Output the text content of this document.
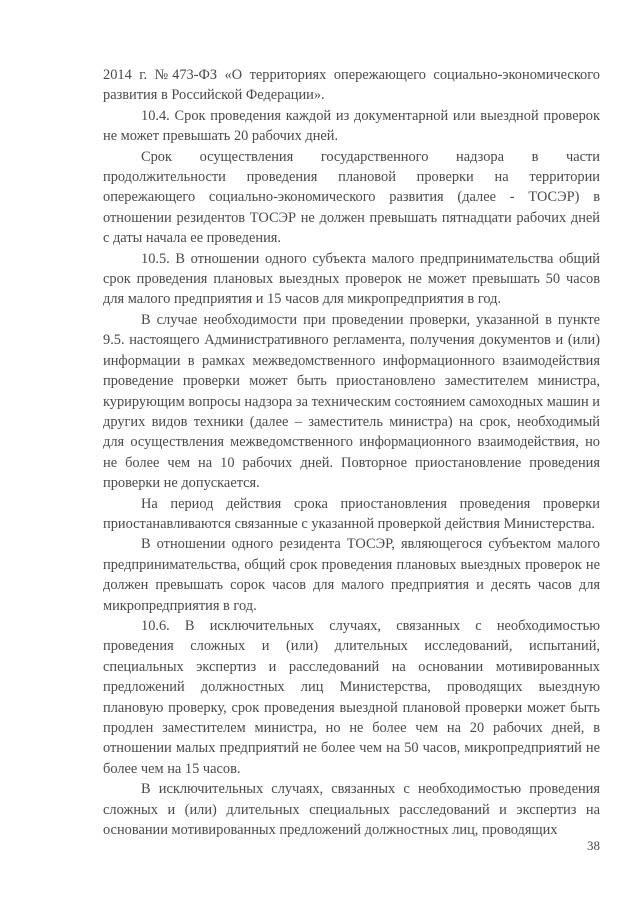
2014 г. №473-ФЗ «О территориях опережающего социально-экономического развития в Российской Федерации».

10.4. Срок проведения каждой из документарной или выездной проверок не может превышать 20 рабочих дней.

Срок осуществления государственного надзора в части продолжительности проведения плановой проверки на территории опережающего социально-экономического развития (далее - ТОСЭР) в отношении резидентов ТОСЭР не должен превышать пятнадцати рабочих дней с даты начала ее проведения.

10.5. В отношении одного субъекта малого предпринимательства общий срок проведения плановых выездных проверок не может превышать 50 часов для малого предприятия и 15 часов для микропредприятия в год.

В случае необходимости при проведении проверки, указанной в пункте 9.5. настоящего Административного регламента, получения документов и (или) информации в рамках межведомственного информационного взаимодействия проведение проверки может быть приостановлено заместителем министра, курирующим вопросы надзора за техническим состоянием самоходных машин и других видов техники (далее – заместитель министра) на срок, необходимый для осуществления межведомственного информационного взаимодействия, но не более чем на 10 рабочих дней. Повторное приостановление проведения проверки не допускается.

На период действия срока приостановления проведения проверки приостанавливаются связанные с указанной проверкой действия Министерства.

В отношении одного резидента ТОСЭР, являющегося субъектом малого предпринимательства, общий срок проведения плановых выездных проверок не должен превышать сорок часов для малого предприятия и десять часов для микропредприятия в год.

10.6. В исключительных случаях, связанных с необходимостью проведения сложных и (или) длительных исследований, испытаний, специальных экспертиз и расследований на основании мотивированных предложений должностных лиц Министерства, проводящих выездную плановую проверку, срок проведения выездной плановой проверки может быть продлен заместителем министра, но не более чем на 20 рабочих дней, в отношении малых предприятий не более чем на 50 часов, микропредприятий не более чем на 15 часов.

В исключительных случаях, связанных с необходимостью проведения сложных и (или) длительных специальных расследований и экспертиз на основании мотивированных предложений должностных лиц, проводящих

38
